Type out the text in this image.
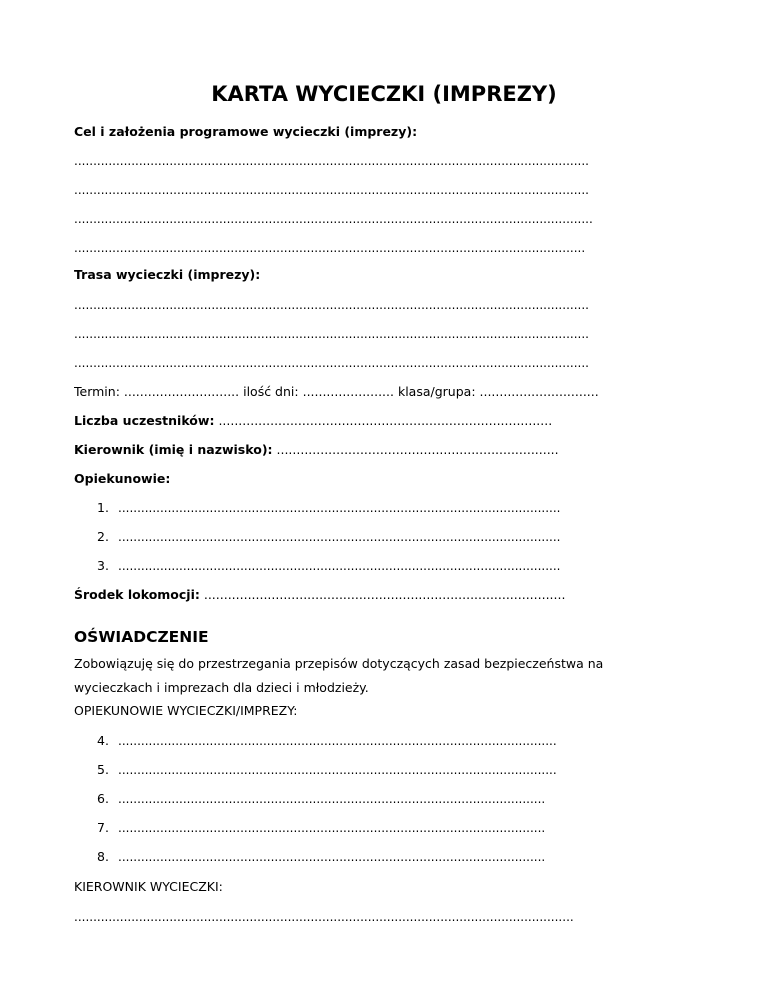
KARTA WYCIECZKI (IMPREZY)
Cel i założenia programowe wycieczki (imprezy):
.......................................................................................................................................
.......................................................................................................................................
........................................................................................................................................
......................................................................................................................................
Trasa wycieczki (imprezy):
.......................................................................................................................................
.......................................................................................................................................
.......................................................................................................................................
Termin: ............................. ilość dni: ....................... klasa/grupa: ..............................
Liczba uczestników: ....................................................................................
Kierownik (imię i nazwisko): .......................................................................
Opiekunowie:
1. ....................................................................................................................
2. ....................................................................................................................
3. ....................................................................................................................
Środek lokomocji: ...........................................................................................
OŚWIADCZENIE
Zobowiązuję się do przestrzegania przepisów dotyczących zasad bezpieczeństwa na
wycieczkach i imprezach dla dzieci i młodzieży.
OPIEKUNOWIE WYCIECZKI/IMPREZY:
4. ...................................................................................................................
5. ...................................................................................................................
6. ................................................................................................................
7. ................................................................................................................
8. ................................................................................................................
KIEROWNIK WYCIECZKI:
...................................................................................................................................
